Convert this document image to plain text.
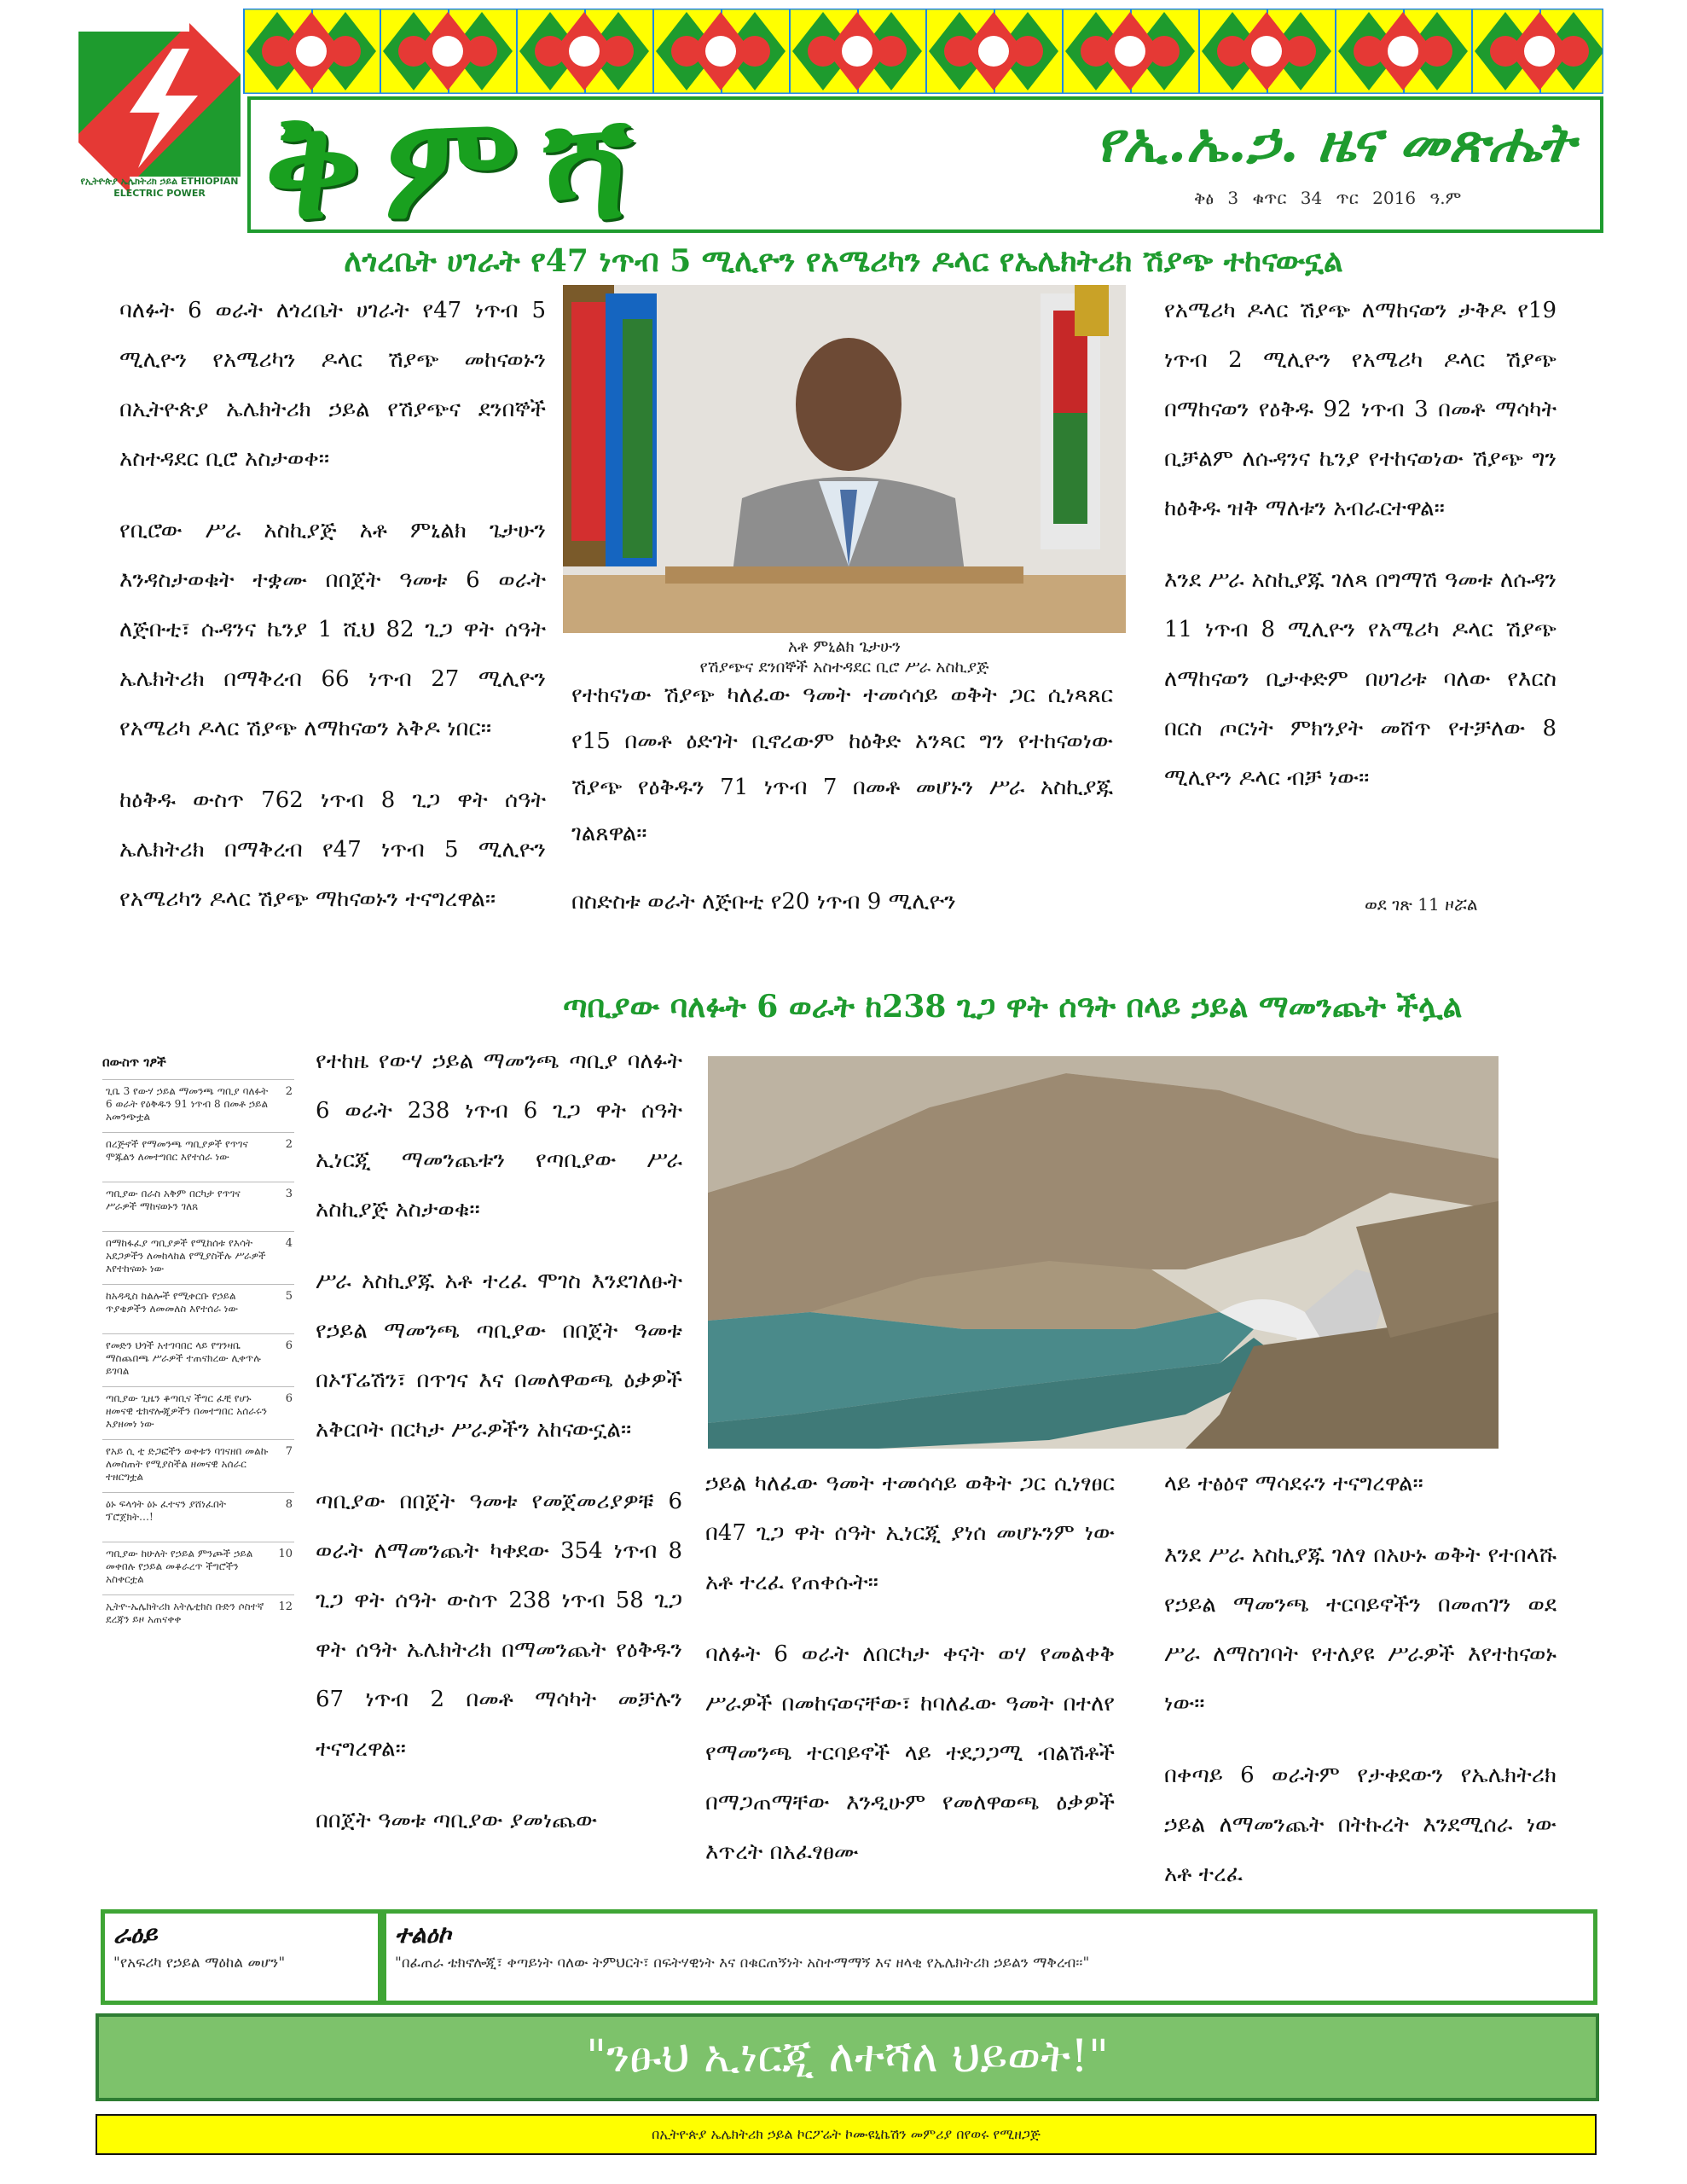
የኢትዮጵያ ኤሌክትሪክ ኃይል ETHIOPIAN ELECTRIC POWER ቅምሻ	የኢ.ኤ.ኃ. ዜና መጽሔት
ቅፅ 3 ቁጥር 34 ጥር 2016 ዓ.ም
ለጎረቤት ሀገራት የ47 ነጥብ 5 ሚሊዮን የአሜሪካን ዶላር የኤሌክትሪክ ሽያጭ ተከናውኗል

ባለፉት 6 ወራት ለጎረቤት ሀገራት የ47 ነጥብ 5 ሚሊዮን የአሜሪካን ዶላር ሽያጭ መከናወኑን በኢትዮጵያ ኤሌክትሪክ ኃይል የሽያጭና ደንበኞች አስተዳደር ቢሮ አስታወቀ፡፡

የቢሮው ሥራ አስኪያጅ አቶ ምኒልክ ጌታሁን እንዳስታወቁት ተቋሙ በበጀት ዓመቱ 6 ወራት ለጅቡቲ፣ ሱዳንና ኬንያ 1 ሺህ 82 ጊጋ ዋት ሰዓት ኤሌክትሪክ በማቅረብ 66 ነጥብ 27 ሚሊዮን የአሜሪካ ዶላር ሽያጭ ለማከናወን አቅዶ ነበር፡፡

ከዕቅዱ ውስጥ 762 ነጥብ 8 ጊጋ ዋት ሰዓት ኤሌክትሪክ በማቅረብ የ47 ነጥብ 5 ሚሊዮን የአሜሪካን ዶላር ሽያጭ ማከናወኑን ተናግረዋል፡፡

አቶ ምኒልክ ጌታሁን
የሽያጭና ደንበኞች አስተዳደር ቢሮ ሥራ አስኪያጅ

የተከናነው ሽያጭ ካለፈው ዓመት ተመሳሳይ ወቅት ጋር ሲነጻጸር የ15 በመቶ ዕድገት ቢኖረውም ከዕቅድ አንጻር ግን የተከናወነው ሽያጭ የዕቅዱን 71 ነጥብ 7 በመቶ መሆኑን ሥራ አስኪያጁ ገልጸዋል፡፡

በስድስቱ ወራት ለጅቡቲ የ20 ነጥብ 9 ሚሊዮን

የአሜሪካ ዶላር ሽያጭ ለማከናወን ታቅዶ የ19 ነጥብ 2 ሚሊዮን የአሜሪካ ዶላር ሽያጭ በማከናወን የዕቅዱ 92 ነጥብ 3 በመቶ ማሳካት ቢቻልም ለሱዳንና ኬንያ የተከናወነው ሽያጭ ግን ከዕቅዱ ዝቅ ማለቱን አብራርተዋል፡፡

እንደ ሥራ አስኪያጁ ገለጻ በግማሽ ዓመቱ ለሱዳን 11 ነጥብ 8 ሚሊዮን የአሜሪካ ዶላር ሽያጭ ለማከናወን ቢታቀድም በሀገሪቱ ባለው የእርስ በርስ ጦርነት ምክንያት መሸጥ የተቻለው 8 ሚሊዮን ዶላር ብቻ ነው፡፡

ወደ ገጽ 11 ዞሯል
ጣቢያው ባለፉት 6 ወራት ከ238 ጊጋ ዋት ሰዓት በላይ ኃይል ማመንጨት ችሏል
በውስጥ ገፆች
ጊቤ 3 የውሃ ኃይል ማመንጫ ጣቢያ ባለፉት 6 ወራት የዕቅዱን 91 ነጥብ 8 በመቶ ኃይል አመንጭቷል
2
በረጅኖች የማመንጫ ጣቢያዎች የጥገና ሞጁልን ለመተግበር እየተሰራ ነው
2
ጣቢያው በራስ አቅም በርካታ የጥገና ሥራዎች ማከናወኑን ገለጸ
3
በማከፋፈያ ጣቢያዎች የሚከሰቱ የእሳት አደጋዎችን ለመከላከል የሚያስችሉ ሥራዎች እየተከናወኑ ነው
4
ከአዳዲስ ከልሎች የሚቀርቡ የኃይል ጥያቄዎችን ለመመለስ እየተሰራ ነው
5
የመድን ህጎች አተገባበር ላይ የግንዛቤ ማስጨበጫ ሥራዎች ተጠናክረው ሊቀጥሉ ይገባል
6
ጣቢያው ጊዜን ቆጣቢና ችግር ፈቺ የሆኑ ዘመናዊ ቴክኖሎጂዎችን በመተግበር አሰራሩን እያዘመነ ነው
6
የአይ ሲ ቲ ድጋፎችን ወቀቱን ባገናዘበ መልኩ ለመስጠት የሚያስችል ዘመናዊ አሰራር ተዘርግቷል
7
ዕኑ ፍላጎት ዕኑ ፈተናን ያሸነፈበት ፕሮጀክት…!
8
ጣቢያው ከሁለት የኃይል ምንጮች ኃይል መቀበሉ የኃይል መቆራረጥ ችግሮችን አስቀርቷል
10
ኢትዮ-ኤሌክትሪክ አትሌቲክስ ቡድን ሶስተኛ ደረጃን ይዞ አጠናቀቀ
12

የተከዜ የውሃ ኃይል ማመንጫ ጣቢያ ባለፉት 6 ወራት 238 ነጥብ 6 ጊጋ ዋት ሰዓት ኢነርጂ ማመንጨቱን የጣቢያው ሥራ አስኪያጅ አስታወቁ፡፡

ሥራ አስኪያጁ አቶ ተረፈ ሞገስ እንደገለፁት የኃይል ማመንጫ ጣቢያው በበጀት ዓመቱ በኦፕሬሽን፣ በጥገና እና በመለዋወጫ ዕቃዎች አቅርቦት በርካታ ሥራዎችን አከናውኗል፡፡

ጣቢያው በበጀት ዓመቱ የመጀመሪያዎቹ 6 ወራት ለማመንጨት ካቀደው 354 ነጥብ 8 ጊጋ ዋት ሰዓት ውስጥ 238 ነጥብ 58 ጊጋ ዋት ሰዓት ኤሌክትሪክ በማመንጨት የዕቅዱን 67 ነጥብ 2 በመቶ ማሳካት መቻሉን ተናግረዋል፡፡

በበጀት ዓመቱ ጣቢያው ያመነጨው

ኃይል ካለፈው ዓመት ተመሳሳይ ወቅት ጋር ሲነፃፀር በ47 ጊጋ ዋት ሰዓት ኢነርጂ ያነሰ መሆኑንም ነው አቶ ተረፈ የጠቀሱት፡፡

ባለፉት 6 ወራት ለበርካታ ቀናት ወሃ የመልቀቅ ሥራዎች በመከናወናቸው፣ ከባለፈው ዓመት በተለየ የማመንጫ ተርባይኖች ላይ ተደጋጋሚ ብልሽቶች በማጋጠማቸው እንዲሁም የመለዋወጫ ዕቃዎች እጥረት በአፈፃፀሙ

ላይ ተፅዕኖ ማሳደሩን ተናግረዋል፡፡

እንደ ሥራ አስኪያጁ ገለፃ በአሁኑ ወቅት የተበላሹ የኃይል ማመንጫ ተርባይኖችን በመጠገን ወደ ሥራ ለማስገባት የተለያዩ ሥራዎች እየተከናወኑ ነው፡፡

በቀጣይ 6 ወራትም የታቀደውን የኤሌክትሪክ ኃይል ለማመንጨት በትኩረት እንደሚሰራ ነው አቶ ተረፈ

ራዕይ
"የአፍሪካ የኃይል ማዕከል መሆን"
ተልዕኮ
"በፈጠራ ቴክኖሎጂ፣ ቀጣይነት ባለው ትምህርት፣ በፍትሃዊነት እና በቁርጠኝነት አስተማማኝ እና ዘላቂ የኤሌክትሪክ ኃይልን ማቅረብ፡፡"
"ንፁህ ኢነርጂ ለተሻለ ህይወት!"
በኢትዮጵያ ኤሌክትሪክ ኃይል ኮርፖሬት ኮሙዩኒኬሽን መምሪያ በየወሩ የሚዘጋጅ
